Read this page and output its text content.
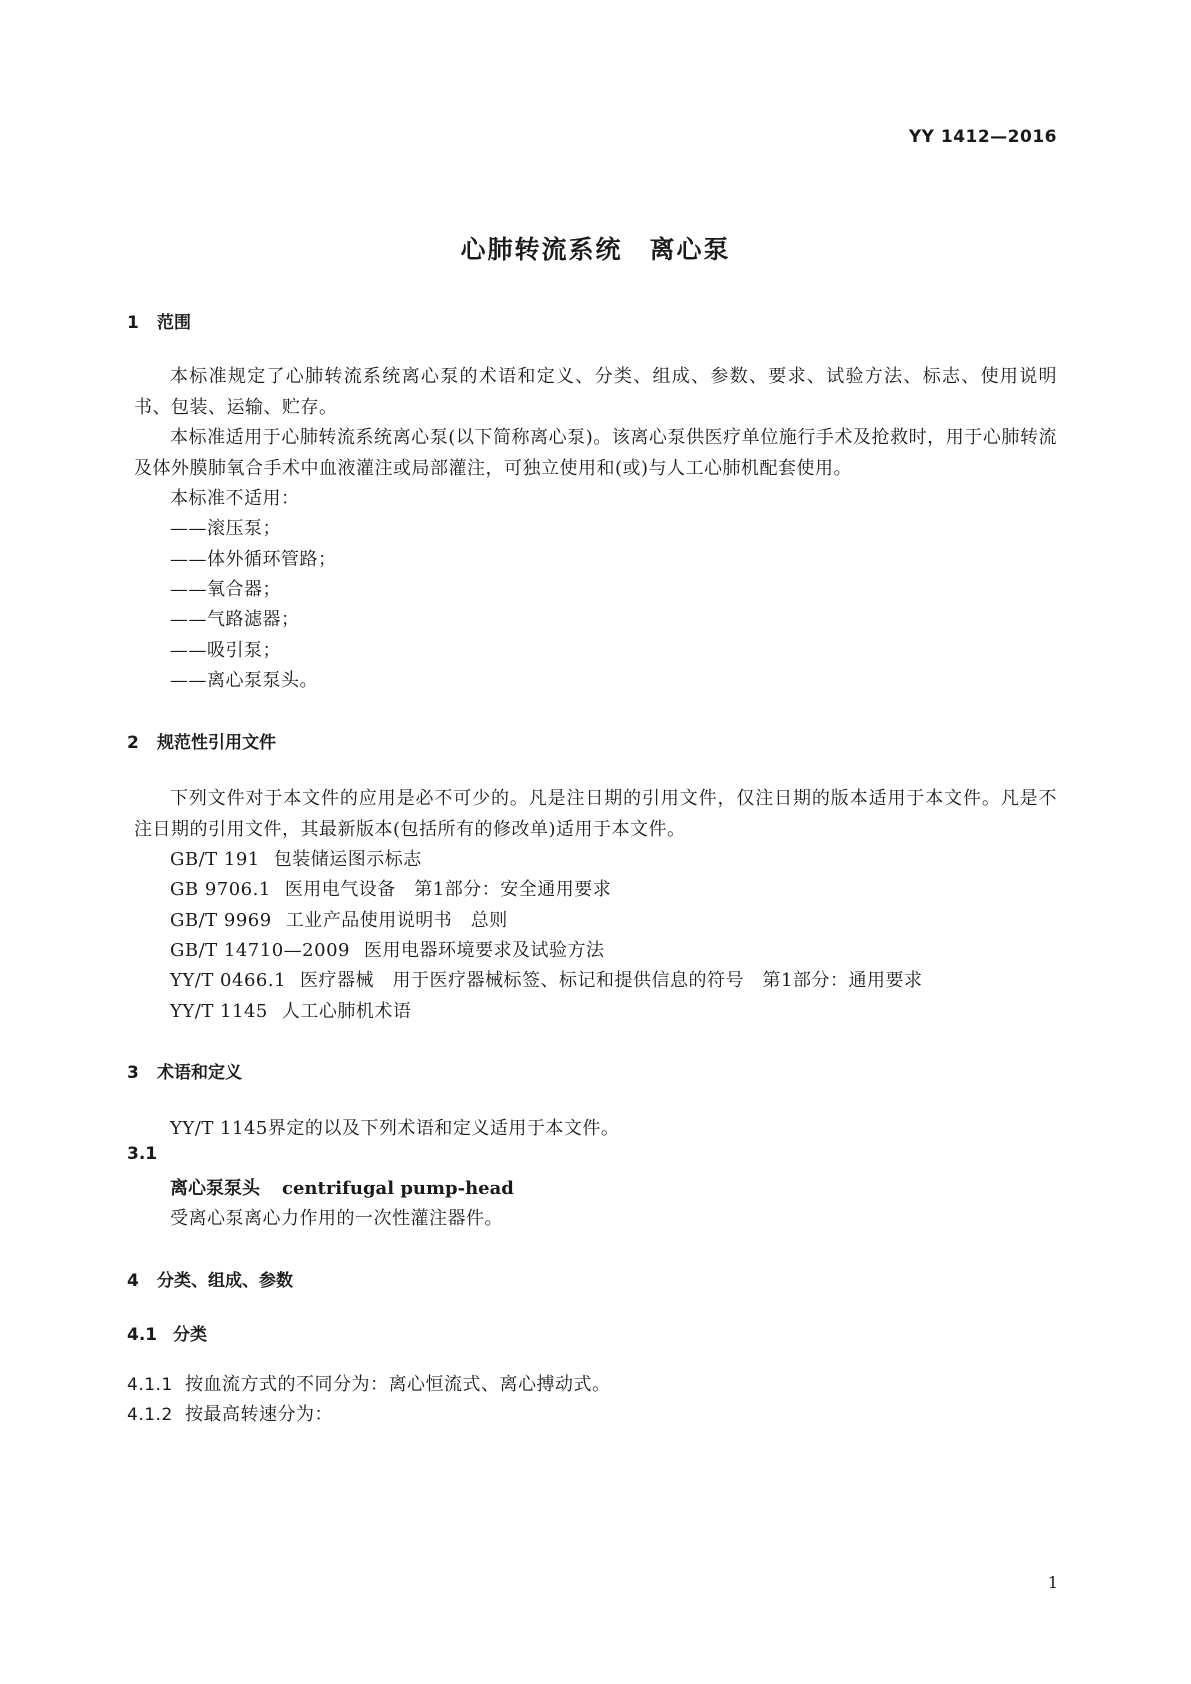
YY 1412—2016
心肺转流系统　离心泵
1 范围

本标准规定了心肺转流系统离心泵的术语和定义、分类、组成、参数、要求、试验方法、标志、使用说明书、包装、运输、贮存。

本标准适用于心肺转流系统离心泵(以下简称离心泵)。该离心泵供医疗单位施行手术及抢救时，用于心肺转流及体外膜肺氧合手术中血液灌注或局部灌注，可独立使用和(或)与人工心肺机配套使用。

本标准不适用：
——滚压泵；
——体外循环管路；
——氧合器；
——气路滤器；
——吸引泵；
——离心泵泵头。
2 规范性引用文件

下列文件对于本文件的应用是必不可少的。凡是注日期的引用文件，仅注日期的版本适用于本文件。凡是不注日期的引用文件，其最新版本(包括所有的修改单)适用于本文件。

GB/T 191 包装储运图示标志
GB 9706.1 医用电气设备　第1部分：安全通用要求
GB/T 9969 工业产品使用说明书　总则
GB/T 14710—2009 医用电器环境要求及试验方法
YY/T 0466.1 医疗器械　用于医疗器械标签、标记和提供信息的符号　第1部分：通用要求
YY/T 1145 人工心肺机术语
3 术语和定义
YY/T 1145界定的以及下列术语和定义适用于本文件。
3.1
离心泵泵头 centrifugal pump-head
受离心泵离心力作用的一次性灌注器件。
4 分类、组成、参数
4.1 分类
4.1.1 按血流方式的不同分为：离心恒流式、离心搏动式。
4.1.2 按最高转速分为：
1
